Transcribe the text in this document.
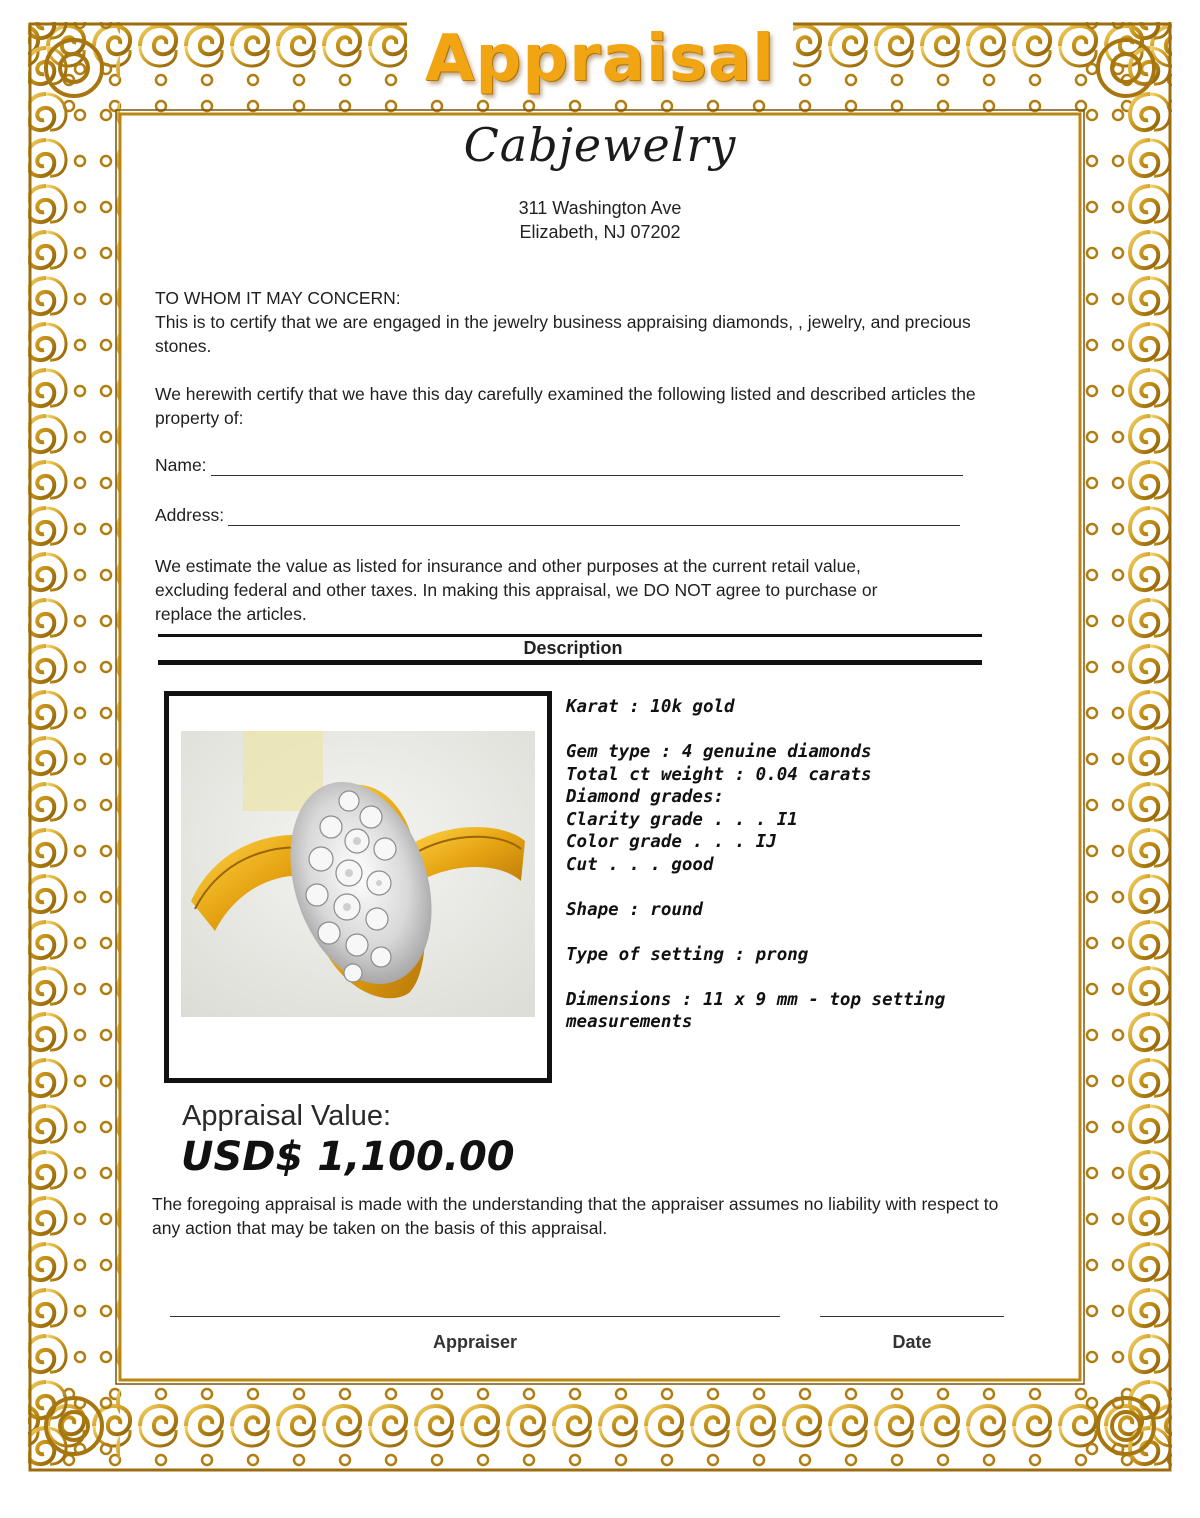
Appraisal
Cabjewelry
311 Washington Ave
Elizabeth, NJ 07202
TO WHOM IT MAY CONCERN:
This is to certify that we are engaged in the jewelry business appraising diamonds, , jewelry, and precious stones.
We herewith certify that we have this day carefully examined the following listed and described articles the property of:
Name:
Address:
We estimate the value as listed for insurance and other purposes at the current retail value, excluding federal and other taxes. In making this appraisal, we DO NOT agree to purchase or replace the articles.
Description
Karat : 10k gold
Gem type : 4 genuine diamonds
Total ct weight : 0.04 carats
Diamond grades:
Clarity grade . . . I1
Color grade . . . IJ
Cut . . . good
Shape : round
Type of setting : prong
Dimensions : 11 x 9 mm - top setting measurements
Appraisal Value:
USD$ 1,100.00
The foregoing appraisal is made with the understanding that the appraiser assumes no liability with respect to any action that may be taken on the basis of this appraisal.
Appraiser	Date
